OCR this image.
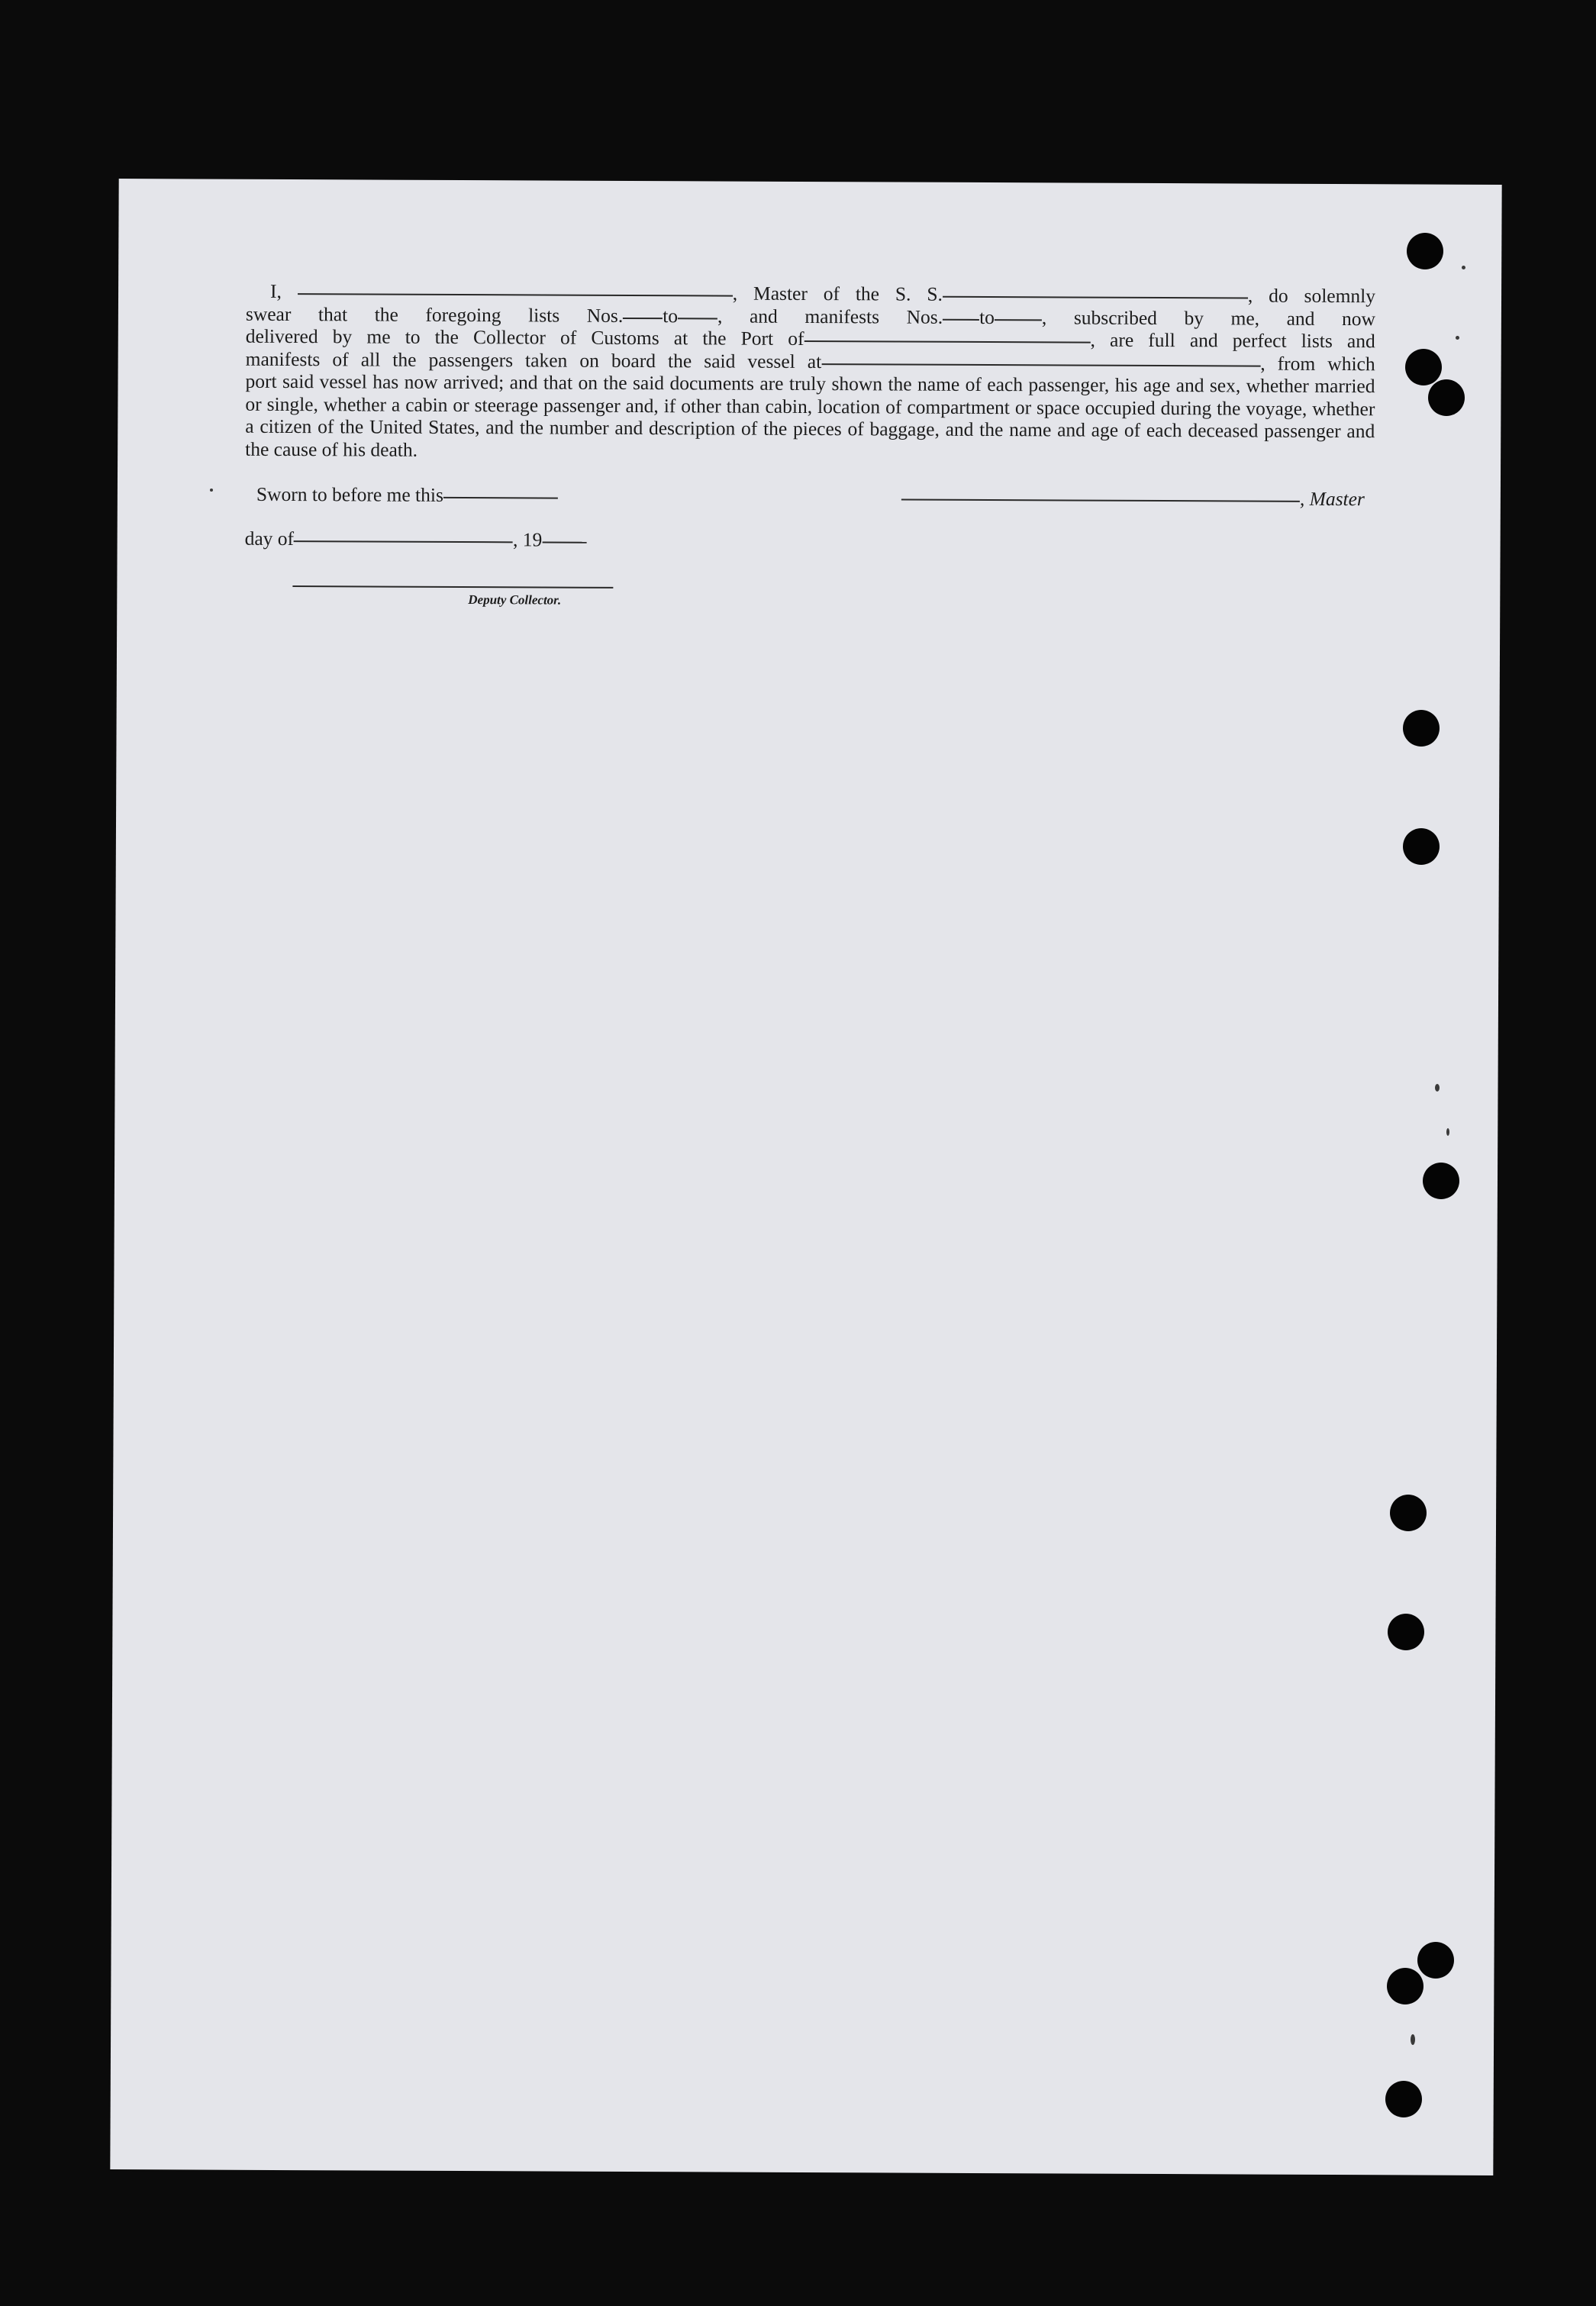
I,	, Master of the S. S.	, do solemnly
swear that the foregoing lists Nos. to , and manifests Nos. to , subscribed by me, and now
delivered by me to the Collector of Customs at the Port of	, are full and perfect lists and
manifests of all the passengers taken on board the said vessel at	, from which
port said vessel has now arrived; and that on the said documents are truly shown the name of each passenger, his age and sex, whether married or single, whether a cabin or steerage passenger and, if other than cabin, location of compartment or space occupied during the voyage, whether a citizen of the United States, and the number and description of the pieces of baggage, and the name and age of each deceased passenger and the cause of his death.
Sworn to before me this	, Master
day of	, 19
Deputy Collector.
